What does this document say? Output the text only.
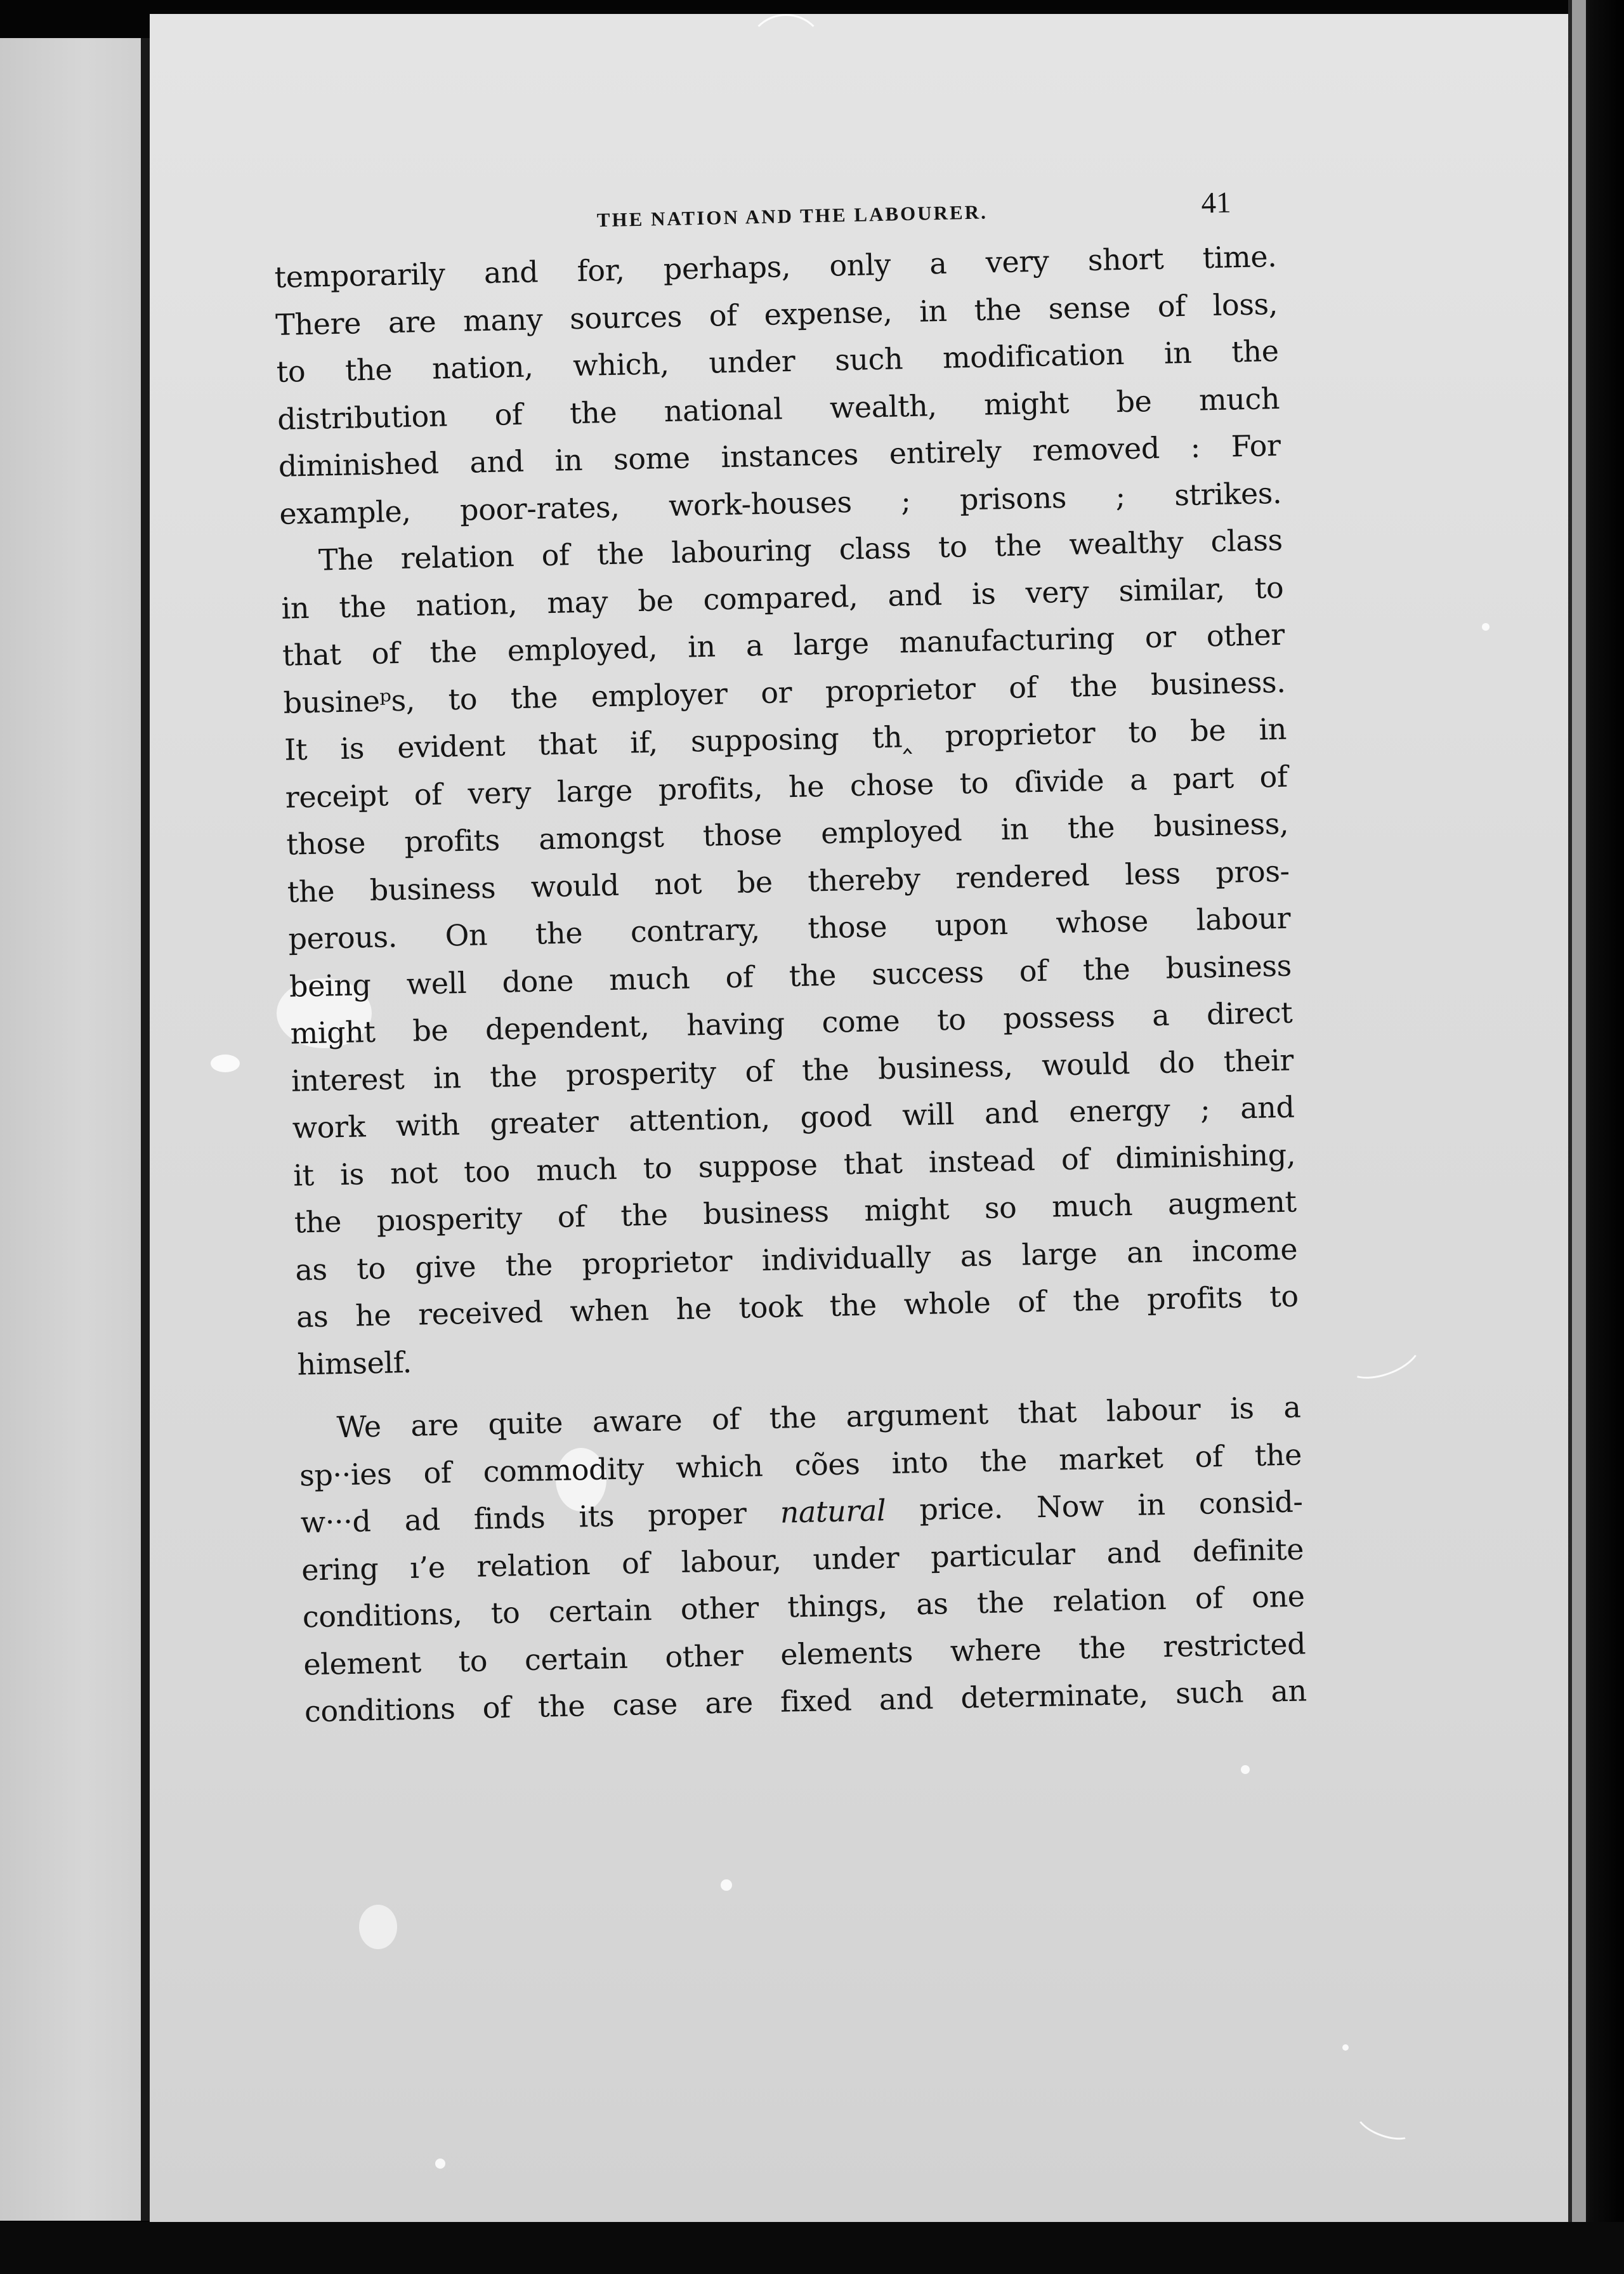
THE NATION AND THE LABOURER.	41
temporarily and for, perhaps, only a very short time.
There are many sources of expense, in the sense of loss,
to the nation, which, under such modification in the
distribution of the national wealth, might be much
diminished and in some instances entirely removed : For
example, poor-rates, work-houses ; prisons ; strikes.
The relation of the labouring class to the wealthy class
in the nation, may be compared, and is very similar, to
that of the employed, in a large manufacturing or other
busineᵖs, to the employer or proprietor of the business.
It is evident that if, supposing th‸ proprietor to be in
receipt of very large profits, he chose to ɗivide a part of
those profits amongst those employed in the business,
the business would not be thereby rendered less pros-
perous. On the contrary, those upon whose labour
being well done much of the success of the business
might be dependent, having come to possess a direct
interest in the prosperity of the business, would do their
work with greater attention, good will and energy ; and
it is not too much to suppose that instead of diminishing,
the pıosperity of the business might so much augment
as to give the proprietor individually as large an income
as he received when he took the whole of the profits to
himself.
We are quite aware of the argument that labour is a
sp··ies of commodity which cões into the market of the
w···d ad finds its proper natural price. Now in consid-
ering ı’e relation of labour, under particular and definite
conditions, to certain other things, as the relation of one
element to certain other elements where the restricted
conditions of the case are fixed and determinate, such an
